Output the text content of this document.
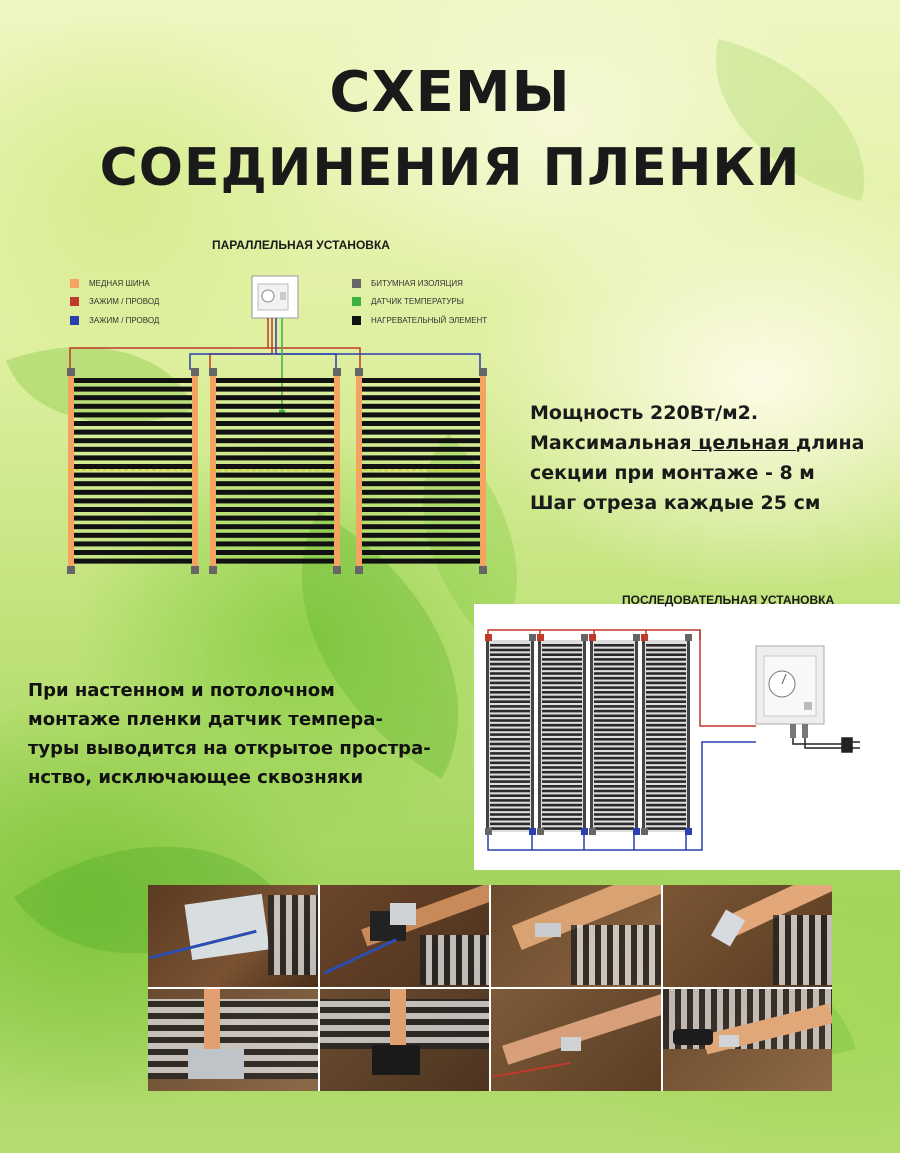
СХЕМЫ
СОЕДИНЕНИЯ ПЛЕНКИ
ПАРАЛЛЕЛЬНАЯ УСТАНОВКА
МЕДНАЯ ШИНА
ЗАЖИМ / ПРОВОД
ЗАЖИМ / ПРОВОД
БИТУМНАЯ ИЗОЛЯЦИЯ
ДАТЧИК ТЕМПЕРАТУРЫ
НАГРЕВАТЕЛЬНЫЙ ЭЛЕМЕНТ
Мощность 220Вт/м2.
Максимальная цельная длина
секции при монтаже - 8 м
Шаг отреза каждые 25 см
ПОСЛЕДОВАТЕЛЬНАЯ УСТАНОВКА
При настенном и потолочном
монтаже пленки датчик темпера-
туры выводится на открытое простра-
нство, исключающее сквозняки
